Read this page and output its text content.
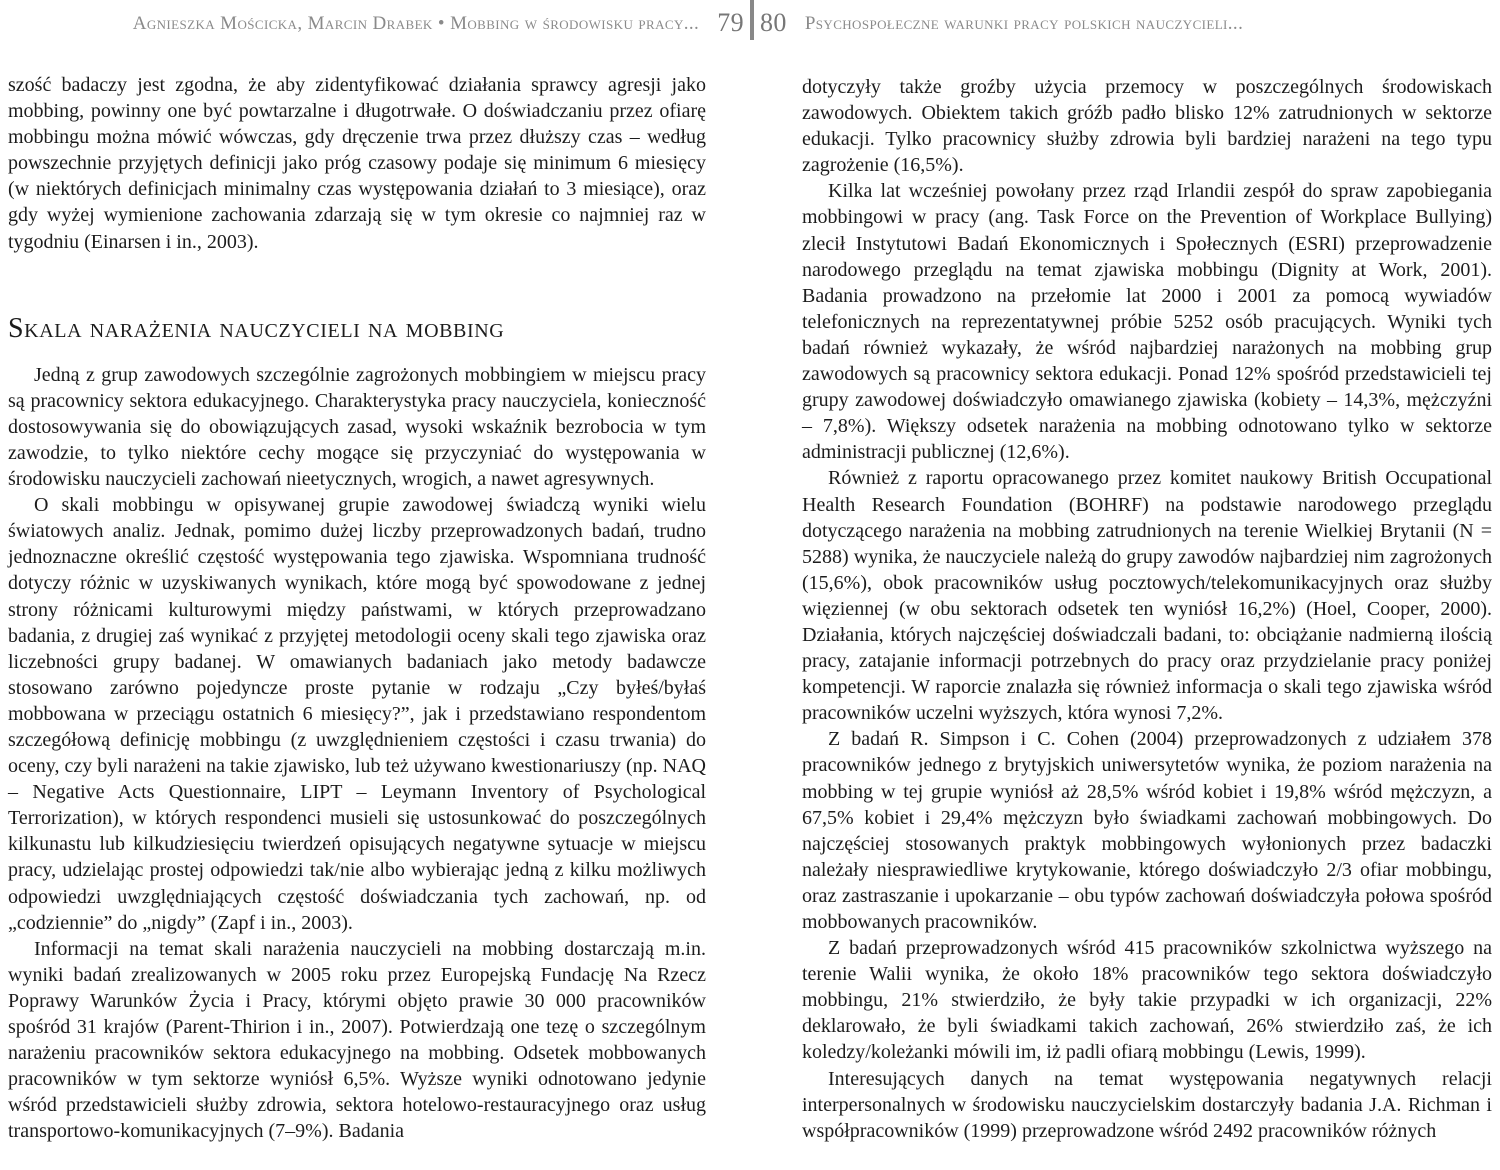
Agnieszka Mościcka, Marcin Drabek • Mobbing w środowisku pracy... 79

szość badaczy jest zgodna, że aby zidentyfikować działania sprawcy agresji jako mobbing, powinny one być powtarzalne i długotrwałe. O doświadczaniu przez ofiarę mobbingu można mówić wówczas, gdy dręczenie trwa przez dłuższy czas – według powszechnie przyjętych definicji jako próg czasowy podaje się minimum 6 miesięcy (w niektórych definicjach minimalny czas występowania działań to 3 miesiące), oraz gdy wyżej wymienione zachowania zdarzają się w tym okresie co najmniej raz w tygodniu (Einarsen i in., 2003).

Skala narażenia nauczycieli na mobbing

Jedną z grup zawodowych szczególnie zagrożonych mobbingiem w miejscu pracy są pracownicy sektora edukacyjnego. Charakterystyka pracy nauczyciela, konieczność dostosowywania się do obowiązujących zasad, wysoki wskaźnik bezrobocia w tym zawodzie, to tylko niektóre cechy mogące się przyczyniać do występowania w środowisku nauczycieli zachowań nieetycznych, wrogich, a nawet agresywnych.

O skali mobbingu w opisywanej grupie zawodowej świadczą wyniki wielu światowych analiz. Jednak, pomimo dużej liczby przeprowadzonych badań, trudno jednoznaczne określić częstość występowania tego zjawiska. Wspomniana trudność dotyczy różnic w uzyskiwanych wynikach, które mogą być spowodowane z jednej strony różnicami kulturowymi między państwami, w których przeprowadzano badania, z drugiej zaś wynikać z przyjętej metodologii oceny skali tego zjawiska oraz liczebności grupy badanej. W omawianych badaniach jako metody badawcze stosowano zarówno pojedyncze proste pytanie w rodzaju „Czy byłeś/byłaś mobbowana w przeciągu ostatnich 6 miesięcy?”, jak i przedstawiano respondentom szczegółową definicję mobbingu (z uwzględnieniem częstości i czasu trwania) do oceny, czy byli narażeni na takie zjawisko, lub też używano kwestionariuszy (np. NAQ – Negative Acts Questionnaire, LIPT – Leymann Inventory of Psychological Terrorization), w których respondenci musieli się ustosunkować do poszczególnych kilkunastu lub kilkudziesięciu twierdzeń opisujących negatywne sytuacje w miejscu pracy, udzielając prostej odpowiedzi tak/nie albo wybierając jedną z kilku możliwych odpowiedzi uwzględniających częstość doświadczania tych zachowań, np. od „codziennie” do „nigdy” (Zapf i in., 2003).

Informacji na temat skali narażenia nauczycieli na mobbing dostarczają m.in. wyniki badań zrealizowanych w 2005 roku przez Europejską Fundację Na Rzecz Poprawy Warunków Życia i Pracy, którymi objęto prawie 30 000 pracowników spośród 31 krajów (Parent-Thirion i in., 2007). Potwierdzają one tezę o szczególnym narażeniu pracowników sektora edukacyjnego na mobbing. Odsetek mobbowanych pracowników w tym sektorze wyniósł 6,5%. Wyższe wyniki odnotowano jedynie wśród przedstawicieli służby zdrowia, sektora hotelowo-restauracyjnego oraz usług transportowo-komunikacyjnych (7–9%). Badania

80 Psychospołeczne warunki pracy polskich nauczycieli...

dotyczyły także groźby użycia przemocy w poszczególnych środowiskach zawodowych. Obiektem takich gróźb padło blisko 12% zatrudnionych w sektorze edukacji. Tylko pracownicy służby zdrowia byli bardziej narażeni na tego typu zagrożenie (16,5%).

Kilka lat wcześniej powołany przez rząd Irlandii zespół do spraw zapobiegania mobbingowi w pracy (ang. Task Force on the Prevention of Workplace Bullying) zlecił Instytutowi Badań Ekonomicznych i Społecznych (ESRI) przeprowadzenie narodowego przeglądu na temat zjawiska mobbingu (Dignity at Work, 2001). Badania prowadzono na przełomie lat 2000 i 2001 za pomocą wywiadów telefonicznych na reprezentatywnej próbie 5252 osób pracujących. Wyniki tych badań również wykazały, że wśród najbardziej narażonych na mobbing grup zawodowych są pracownicy sektora edukacji. Ponad 12% spośród przedstawicieli tej grupy zawodowej doświadczyło omawianego zjawiska (kobiety – 14,3%, mężczyźni – 7,8%). Większy odsetek narażenia na mobbing odnotowano tylko w sektorze administracji publicznej (12,6%).

Również z raportu opracowanego przez komitet naukowy British Occupational Health Research Foundation (BOHRF) na podstawie narodowego przeglądu dotyczącego narażenia na mobbing zatrudnionych na terenie Wielkiej Brytanii (N = 5288) wynika, że nauczyciele należą do grupy zawodów najbardziej nim zagrożonych (15,6%), obok pracowników usług pocztowych/telekomunikacyjnych oraz służby więziennej (w obu sektorach odsetek ten wyniósł 16,2%) (Hoel, Cooper, 2000). Działania, których najczęściej doświadczali badani, to: obciążanie nadmierną ilością pracy, zatajanie informacji potrzebnych do pracy oraz przydzielanie pracy poniżej kompetencji. W raporcie znalazła się również informacja o skali tego zjawiska wśród pracowników uczelni wyższych, która wynosi 7,2%.

Z badań R. Simpson i C. Cohen (2004) przeprowadzonych z udziałem 378 pracowników jednego z brytyjskich uniwersytetów wynika, że poziom narażenia na mobbing w tej grupie wyniósł aż 28,5% wśród kobiet i 19,8% wśród mężczyzn, a 67,5% kobiet i 29,4% mężczyzn było świadkami zachowań mobbingowych. Do najczęściej stosowanych praktyk mobbingowych wyłonionych przez badaczki należały niesprawiedliwe krytykowanie, którego doświadczyło 2/3 ofiar mobbingu, oraz zastraszanie i upokarzanie – obu typów zachowań doświadczyła połowa spośród mobbowanych pracowników.

Z badań przeprowadzonych wśród 415 pracowników szkolnictwa wyższego na terenie Walii wynika, że około 18% pracowników tego sektora doświadczyło mobbingu, 21% stwierdziło, że były takie przypadki w ich organizacji, 22% deklarowało, że byli świadkami takich zachowań, 26% stwierdziło zaś, że ich koledzy/koleżanki mówili im, iż padli ofiarą mobbingu (Lewis, 1999).

Interesujących danych na temat występowania negatywnych relacji interpersonalnych w środowisku nauczycielskim dostarczyły badania J.A. Richman i współpracowników (1999) przeprowadzone wśród 2492 pracowników różnych
